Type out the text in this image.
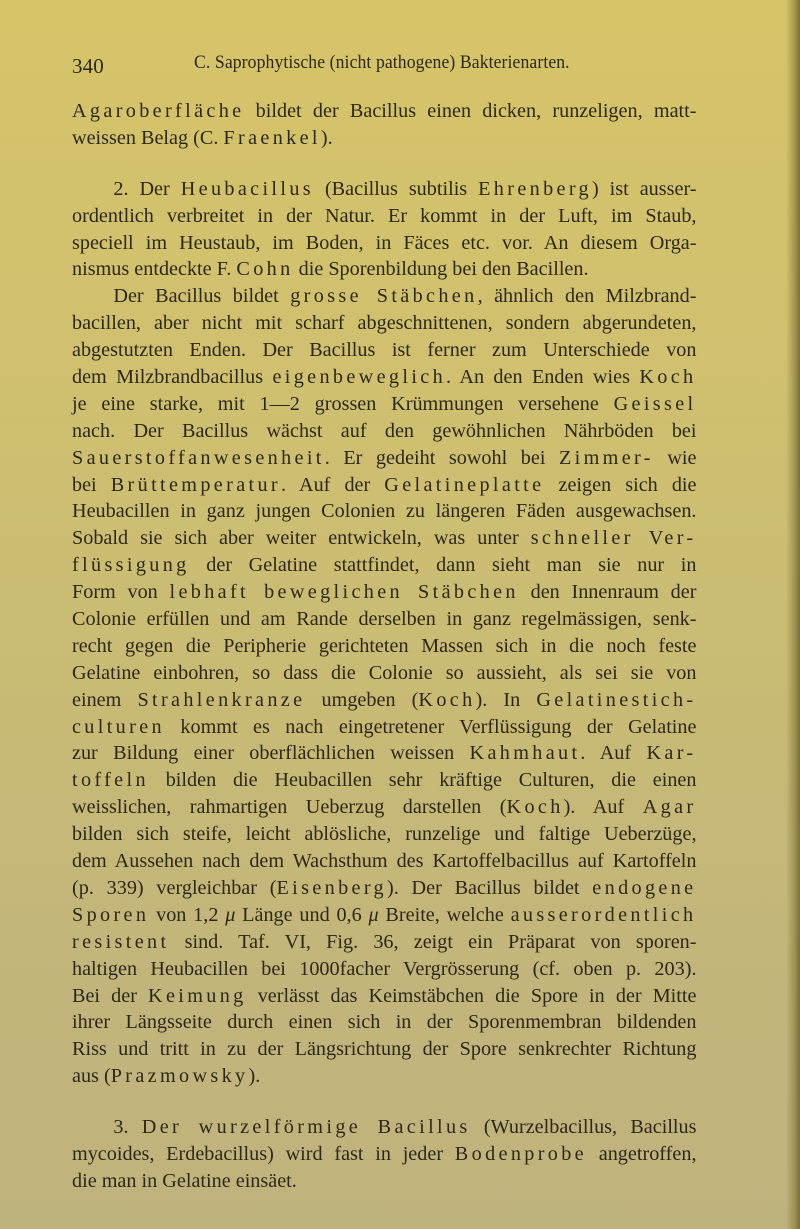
340	C. Saprophytische (nicht pathogene) Bakterienarten.
Agaroberfläche bildet der Bacillus einen dicken, runzeligen, matt-
weissen Belag (C. Fraenkel).
2. Der Heubacillus (Bacillus subtilis Ehrenberg) ist ausser-
ordentlich verbreitet in der Natur. Er kommt in der Luft, im Staub,
speciell im Heustaub, im Boden, in Fäces etc. vor. An diesem Orga-
nismus entdeckte F. Cohn die Sporenbildung bei den Bacillen.
Der Bacillus bildet grosse Stäbchen, ähnlich den Milzbrand-
bacillen, aber nicht mit scharf abgeschnittenen, sondern abgerundeten,
abgestutzten Enden. Der Bacillus ist ferner zum Unterschiede von
dem Milzbrandbacillus eigenbeweglich. An den Enden wies Koch
je eine starke, mit 1—2 grossen Krümmungen versehene Geissel
nach. Der Bacillus wächst auf den gewöhnlichen Nährböden bei
Sauerstoffanwesenheit. Er gedeiht sowohl bei Zimmer- wie
bei Brüttemperatur. Auf der Gelatineplatte zeigen sich die
Heubacillen in ganz jungen Colonien zu längeren Fäden ausgewachsen.
Sobald sie sich aber weiter entwickeln, was unter schneller Ver-
flüssigung der Gelatine stattfindet, dann sieht man sie nur in
Form von lebhaft beweglichen Stäbchen den Innenraum der
Colonie erfüllen und am Rande derselben in ganz regelmässigen, senk-
recht gegen die Peripherie gerichteten Massen sich in die noch feste
Gelatine einbohren, so dass die Colonie so aussieht, als sei sie von
einem Strahlenkranze umgeben (Koch). In Gelatinestich-
culturen kommt es nach eingetretener Verflüssigung der Gelatine
zur Bildung einer oberflächlichen weissen Kahmhaut. Auf Kar-
toffeln bilden die Heubacillen sehr kräftige Culturen, die einen
weisslichen, rahmartigen Ueberzug darstellen (Koch). Auf Agar
bilden sich steife, leicht ablösliche, runzelige und faltige Ueberzüge,
dem Aussehen nach dem Wachsthum des Kartoffelbacillus auf Kartoffeln
(p. 339) vergleichbar (Eisenberg). Der Bacillus bildet endogene
Sporen von 1,2 μ Länge und 0,6 μ Breite, welche ausserordentlich
resistent sind. Taf. VI, Fig. 36, zeigt ein Präparat von sporen-
haltigen Heubacillen bei 1000facher Vergrösserung (cf. oben p. 203).
Bei der Keimung verlässt das Keimstäbchen die Spore in der Mitte
ihrer Längsseite durch einen sich in der Sporenmembran bildenden
Riss und tritt in zu der Längsrichtung der Spore senkrechter Richtung
aus (Prazmowsky).
3. Der wurzelförmige Bacillus (Wurzelbacillus, Bacillus
mycoides, Erdebacillus) wird fast in jeder Bodenprobe angetroffen,
die man in Gelatine einsäet.
